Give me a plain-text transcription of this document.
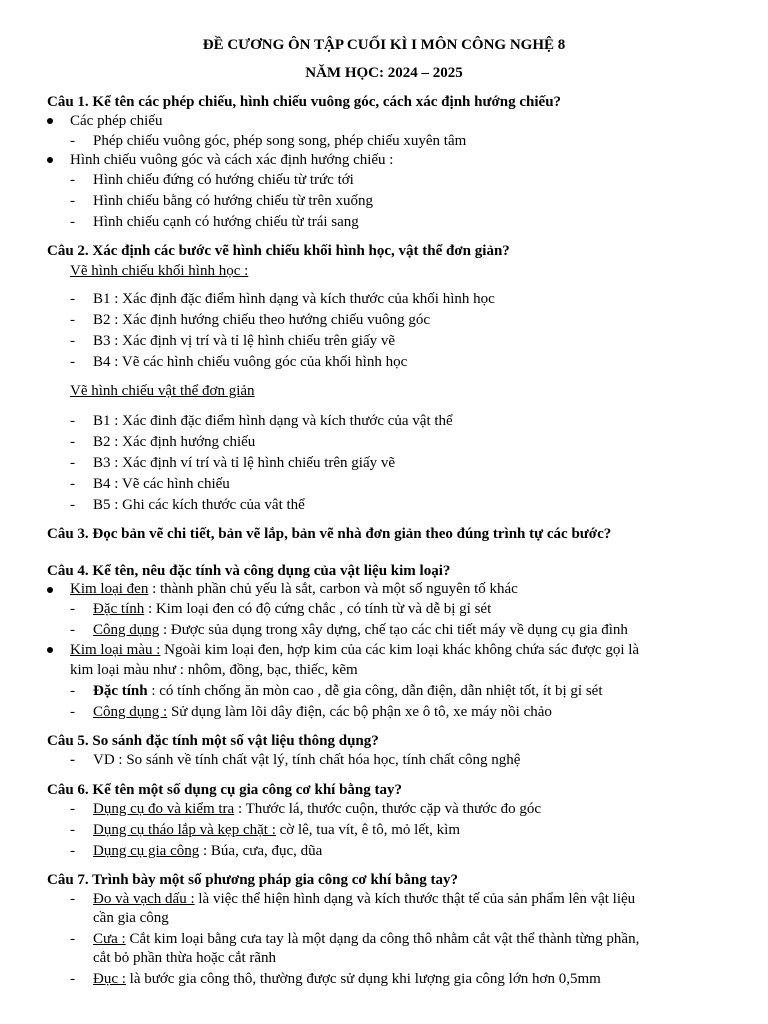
ĐỀ CƯƠNG ÔN TẬP CUỐI KÌ I MÔN CÔNG NGHỆ 8
NĂM HỌC: 2024 – 2025
Câu 1. Kể tên các phép chiếu, hình chiếu vuông góc, cách xác định hướng chiếu?
Các phép chiếu
- Phép chiếu vuông góc, phép song song, phép chiếu xuyên tâm
Hình chiếu vuông góc và cách xác định hướng chiếu :
- Hình chiếu đứng có hướng chiếu từ trức tới
- Hình chiếu bằng có hướng chiếu từ trên xuống
- Hình chiếu cạnh có hướng chiếu từ trái sang
Câu 2. Xác định các bước vẽ hình chiếu khối hình học, vật thể đơn giản?
Vẽ hình chiếu khối hình học :
- B1 : Xác định đặc điểm hình dạng và kích thước của khối hình học
- B2 : Xác định hướng chiếu theo hướng chiếu vuông góc
- B3 : Xác định vị trí và tỉ lệ hình chiếu trên giấy vẽ
- B4 : Vẽ các hình chiếu vuông góc của khối hình học
Vẽ hình chiếu vật thể đơn giản
- B1 : Xác đinh đặc điểm hình dạng và kích thước của vật thể
- B2 : Xác định hướng chiếu
- B3 : Xác định ví trí và tỉ lệ hình chiếu trên giấy vẽ
- B4 : Vẽ các hình chiếu
- B5 : Ghi các kích thước của vât thể
Câu 3. Đọc bản vẽ chi tiết, bản vẽ lắp, bản vẽ nhà đơn giản theo đúng trình tự các bước?
Câu 4. Kể tên, nêu đặc tính và công dụng của vật liệu kim loại?
Kim loại đen : thành phần chủ yếu là sắt, carbon và một số nguyên tố khác
- Đặc tính : Kim loại đen có độ cứng chắc , có tính từ và dễ bị gỉ sét
- Công dụng : Được sủa dụng trong xây dựng, chế tạo các chi tiết máy về dụng cụ gia đình
Kim loại màu : Ngoài kim loại đen, hợp kim của các kim loại khác không chứa sác được gọi là
kim loại màu như : nhôm, đồng, bạc, thiếc, kẽm
- Đặc tính : có tính chống ăn mòn cao , dễ gia công, dẫn điện, dẫn nhiệt tốt, ít bị gỉ sét
- Công dụng : Sử dụng làm lõi dây điện, các bộ phận xe ô tô, xe máy nồi chảo
Câu 5. So sánh đặc tính một số vật liệu thông dụng?
- VD : So sánh về tính chất vật lý, tính chất hóa học, tính chất công nghệ
Câu 6. Kể tên một số dụng cụ gia công cơ khí bằng tay?
- Dụng cụ đo và kiểm tra : Thước lá, thước cuộn, thước cặp và thước đo góc
- Dụng cụ tháo lắp và kẹp chặt : cờ lê, tua vít, ê tô, mỏ lết, kìm
- Dụng cụ gia công : Búa, cưa, đục, dũa
Câu 7. Trình bày một số phương pháp gia công cơ khí bằng tay?
- Đo và vạch dấu : là việc thể hiện hình dạng và kích thước thật tế của sản phẩm lên vật liệu
cần gia công
- Cưa : Cắt kim loại bằng cưa tay là một dạng da công thô nhằm cắt vật thể thành từng phần,
cắt bỏ phần thừa hoặc cắt rãnh
- Đục : là bước gia công thô, thường được sử dụng khi lượng gia công lớn hơn 0,5mm
